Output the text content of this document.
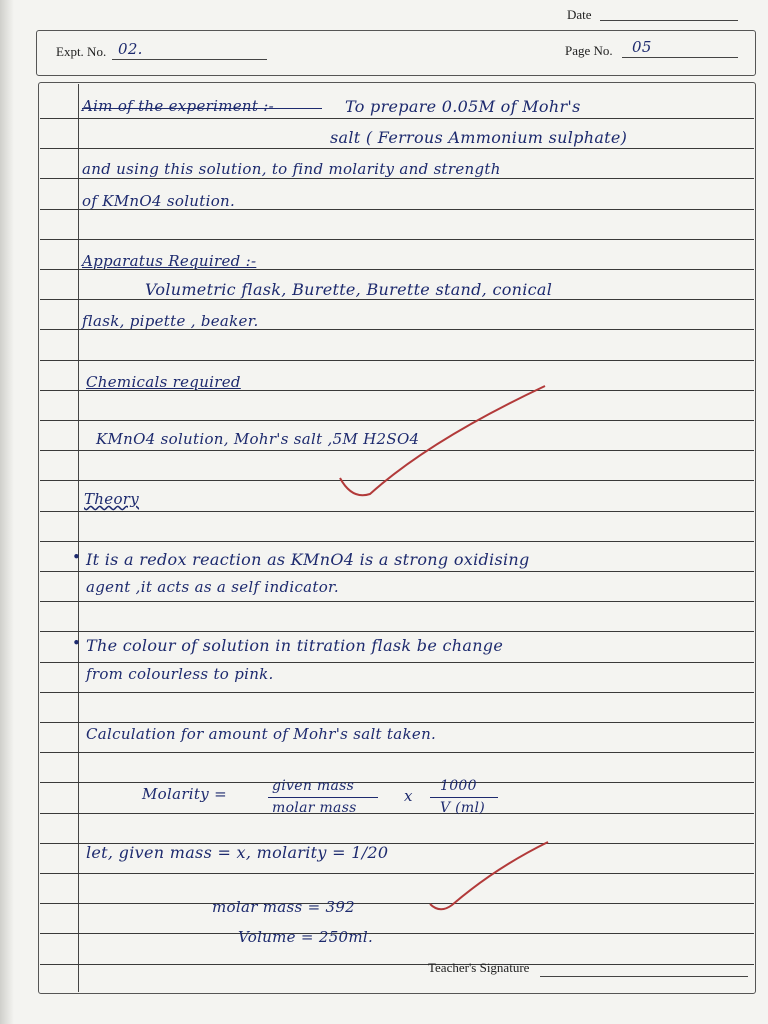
Date
Expt. No. 02.	Page No. 05
Aim of the experiment :-	To prepare 0.05M of Mohr's
salt ( Ferrous Ammonium sulphate)
and using this solution, to find molarity and strength
of KMnO4 solution.
Apparatus Required :-
Volumetric flask, Burette, Burette stand, conical
flask, pipette , beaker.
Chemicals required
KMnO4 solution, Mohr's salt ,5M H2SO4
Theory
• It is a redox reaction as KMnO4 is a strong oxidising
agent ,it acts as a self indicator.
• The colour of solution in titration flask be change
from colourless to pink.
Calculation for amount of Mohr's salt taken.
Molarity =	given mass
molar mass
x
1000
V (ml)
let, given mass = x, molarity = 1/20
molar mass = 392
Volume = 250ml.
Teacher's Signature
